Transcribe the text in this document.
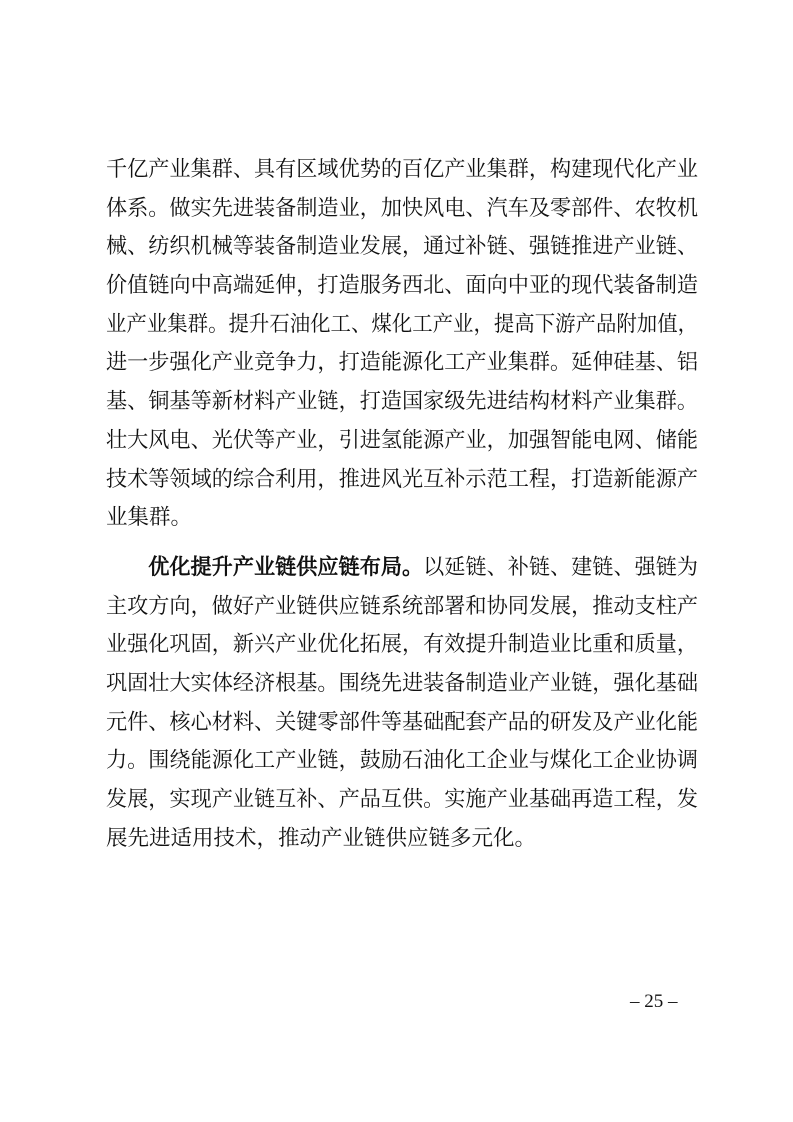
千亿产业集群、具有区域优势的百亿产业集群，构建现代化产业
体系。做实先进装备制造业，加快风电、汽车及零部件、农牧机
械、纺织机械等装备制造业发展，通过补链、强链推进产业链、
价值链向中高端延伸，打造服务西北、面向中亚的现代装备制造
业产业集群。提升石油化工、煤化工产业，提高下游产品附加值，
进一步强化产业竞争力，打造能源化工产业集群。延伸硅基、铝
基、铜基等新材料产业链，打造国家级先进结构材料产业集群。
壮大风电、光伏等产业，引进氢能源产业，加强智能电网、储能
技术等领域的综合利用，推进风光互补示范工程，打造新能源产
业集群。
优化提升产业链供应链布局。以延链、补链、建链、强链为
主攻方向，做好产业链供应链系统部署和协同发展，推动支柱产
业强化巩固，新兴产业优化拓展，有效提升制造业比重和质量，
巩固壮大实体经济根基。围绕先进装备制造业产业链，强化基础
元件、核心材料、关键零部件等基础配套产品的研发及产业化能
力。围绕能源化工产业链，鼓励石油化工企业与煤化工企业协调
发展，实现产业链互补、产品互供。实施产业基础再造工程，发
展先进适用技术，推动产业链供应链多元化。
– 25 –
